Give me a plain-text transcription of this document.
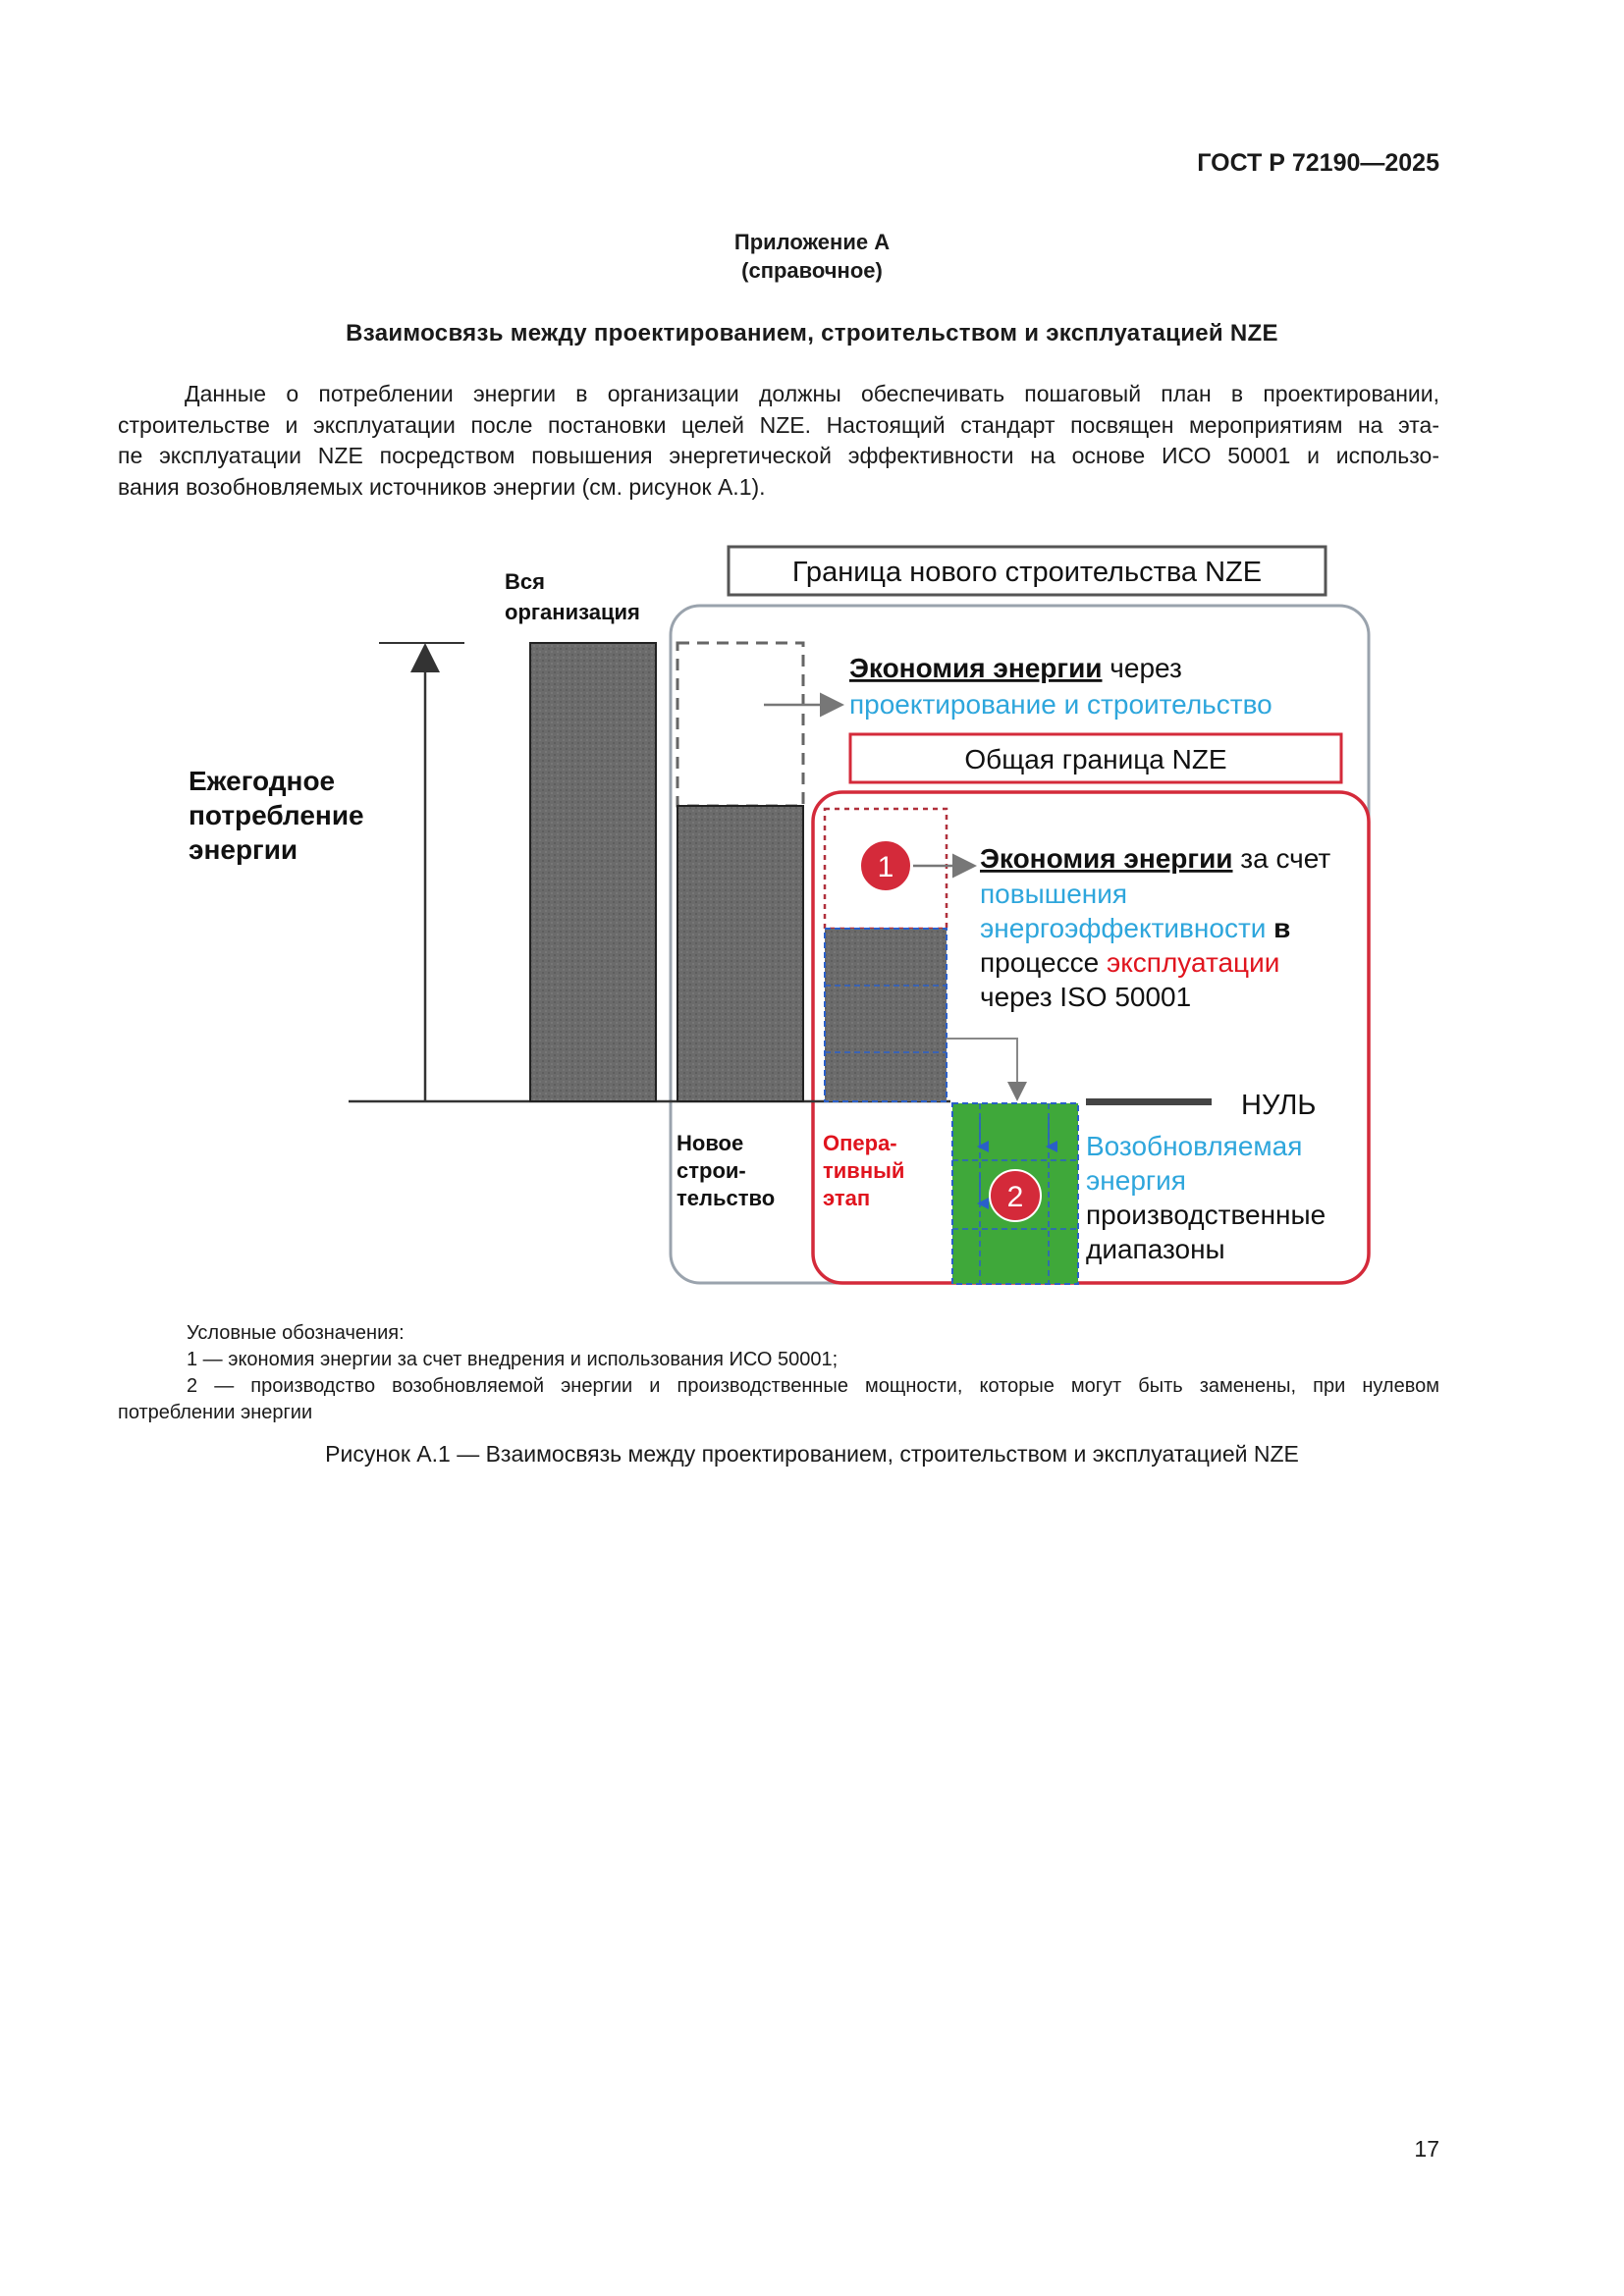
ГОСТ Р 72190—2025
Приложение А
(справочное)
Взаимосвязь между проектированием, строительством и эксплуатацией NZE
Данные о потреблении энергии в организации должны обеспечивать пошаговый план в проектировании,
строительстве и эксплуатации после постановки целей NZE. Настоящий стандарт посвящен мероприятиям на эта-
пе эксплуатации NZE посредством повышения энергетической эффективности на основе ИСО 50001 и использо-
вания возобновляемых источников энергии (см. рисунок А.1).
Граница нового строительства NZE
Ежегодное потребление энергии
Вся организация
Экономия энергии через
проектирование и строительство
Общая граница NZE
1	Экономия энергии за счет
повышения
энергоэффективности в
процессе эксплуатации
через ISO 50001
2
НУЛЬ
Новое строи- тельство
Опера- тивный этап
Возобновляемая энергия производственные диапазоны
Условные обозначения:
1 — экономия энергии за счет внедрения и использования ИСО 50001;
2 — производство возобновляемой энергии и производственные мощности, которые могут быть заменены, при нулевом
потреблении энергии
Рисунок А.1 — Взаимосвязь между проектированием, строительством и эксплуатацией NZE
17
